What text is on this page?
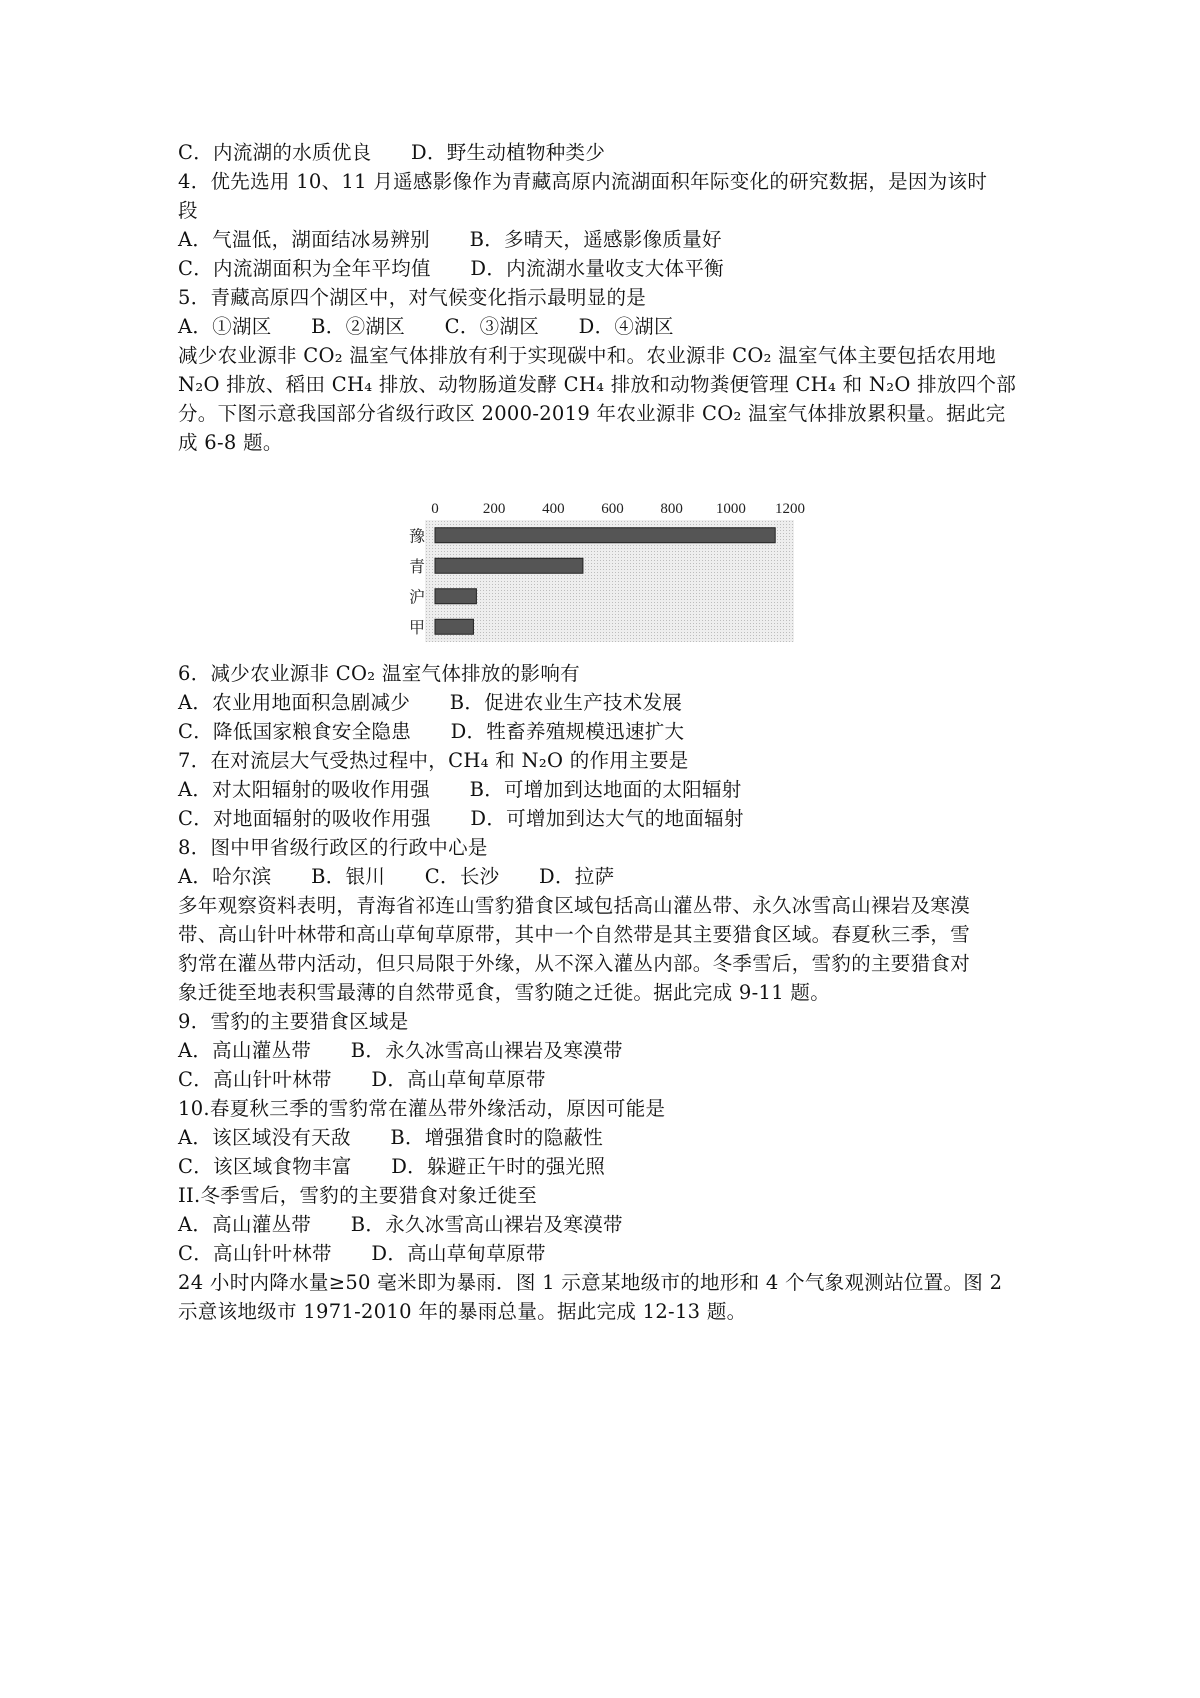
C．内流湖的水质优良　　D．野生动植物种类少
4．优先选用 10、11 月遥感影像作为青藏高原内流湖面积年际变化的研究数据，是因为该时
段
A．气温低，湖面结冰易辨别　　B．多晴天，遥感影像质量好
C．内流湖面积为全年平均值　　D．内流湖水量收支大体平衡
5．青藏高原四个湖区中，对气候变化指示最明显的是
A．①湖区　　B．②湖区　　C．③湖区　　D．④湖区
减少农业源非 CO₂ 温室气体排放有利于实现碳中和。农业源非 CO₂ 温室气体主要包括农用地
N₂O 排放、稻田 CH₄ 排放、动物肠道发酵 CH₄ 排放和动物粪便管理 CH₄ 和 N₂O 排放四个部
分。下图示意我国部分省级行政区 2000-2019 年农业源非 CO₂ 温室气体排放累积量。据此完
成 6-8 题。
0	200 400 600 800 1000 1200
豫
青
沪
甲
6．减少农业源非 CO₂ 温室气体排放的影响有
A．农业用地面积急剧减少　　B．促进农业生产技术发展
C．降低国家粮食安全隐患　　D．牲畜养殖规模迅速扩大
7．在对流层大气受热过程中，CH₄ 和 N₂O 的作用主要是
A．对太阳辐射的吸收作用强　　B．可增加到达地面的太阳辐射
C．对地面辐射的吸收作用强　　D．可增加到达大气的地面辐射
8．图中甲省级行政区的行政中心是
A．哈尔滨　　B．银川　　C．长沙　　D．拉萨
多年观察资料表明，青海省祁连山雪豹猎食区域包括高山灌丛带、永久冰雪高山裸岩及寒漠
带、高山针叶林带和高山草甸草原带，其中一个自然带是其主要猎食区域。春夏秋三季，雪
豹常在灌丛带内活动，但只局限于外缘，从不深入灌丛内部。冬季雪后，雪豹的主要猎食对
象迁徙至地表积雪最薄的自然带觅食，雪豹随之迁徙。据此完成 9-11 题。
9．雪豹的主要猎食区域是
A．高山灌丛带　　B．永久冰雪高山裸岩及寒漠带
C．高山针叶林带　　D．高山草甸草原带
10.春夏秋三季的雪豹常在灌丛带外缘活动，原因可能是
A．该区域没有天敌　　B．增强猎食时的隐蔽性
C．该区域食物丰富　　D．躲避正午时的强光照
II.冬季雪后，雪豹的主要猎食对象迁徙至
A．高山灌丛带　　B．永久冰雪高山裸岩及寒漠带
C．高山针叶林带　　D．高山草甸草原带
24 小时内降水量≥50 毫米即为暴雨．图 1 示意某地级市的地形和 4 个气象观测站位置。图 2
示意该地级市 1971-2010 年的暴雨总量。据此完成 12-13 题。
